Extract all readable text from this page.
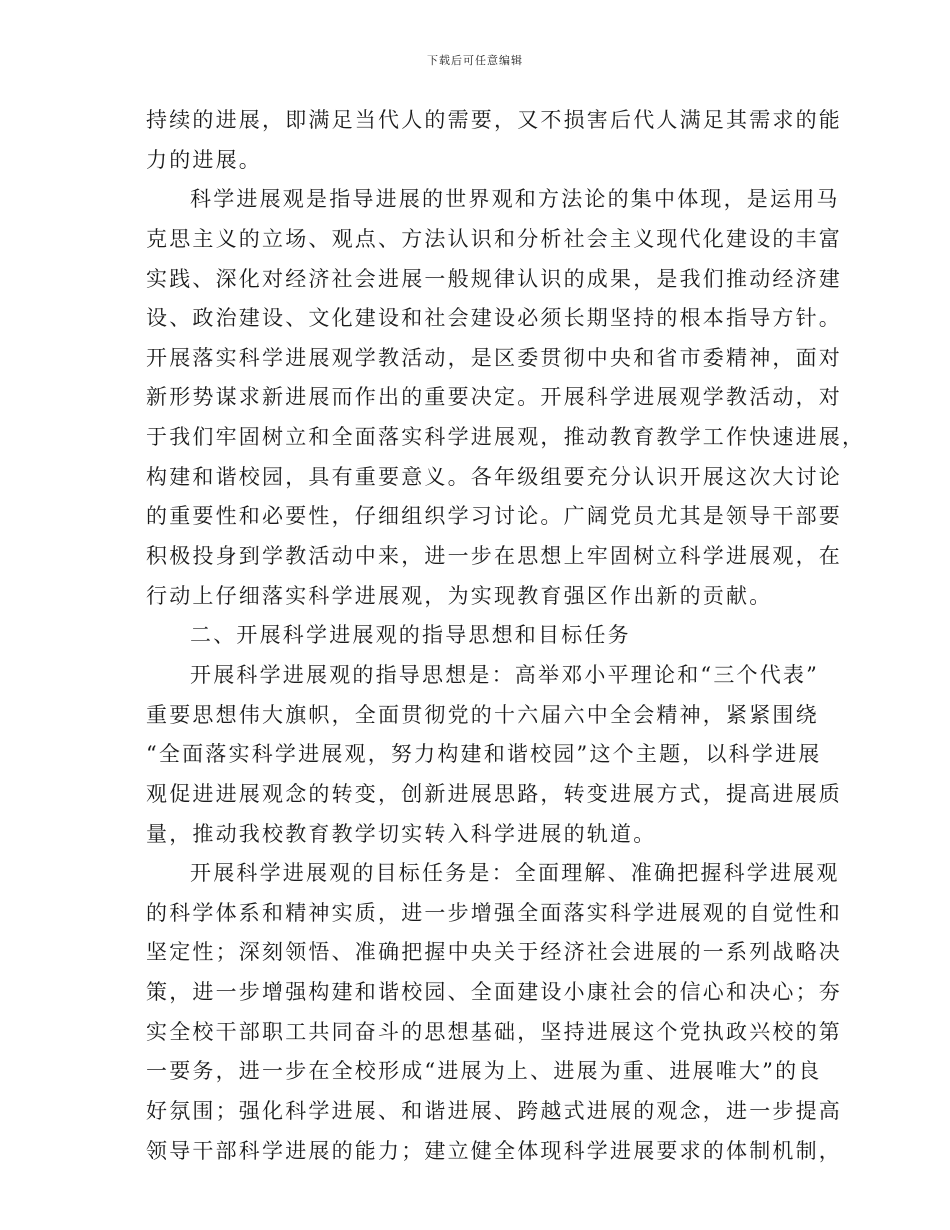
下载后可任意编辑
持续的进展，即满足当代人的需要，又不损害后代人满足其需求的能
力的进展。
科学进展观是指导进展的世界观和方法论的集中体现，是运用马
克思主义的立场、观点、方法认识和分析社会主义现代化建设的丰富
实践、深化对经济社会进展一般规律认识的成果，是我们推动经济建
设、政治建设、文化建设和社会建设必须长期坚持的根本指导方针。
开展落实科学进展观学教活动，是区委贯彻中央和省市委精神，面对
新形势谋求新进展而作出的重要决定。开展科学进展观学教活动，对
于我们牢固树立和全面落实科学进展观，推动教育教学工作快速进展，
构建和谐校园，具有重要意义。各年级组要充分认识开展这次大讨论
的重要性和必要性，仔细组织学习讨论。广阔党员尤其是领导干部要
积极投身到学教活动中来，进一步在思想上牢固树立科学进展观，在
行动上仔细落实科学进展观，为实现教育强区作出新的贡献。
二、开展科学进展观的指导思想和目标任务
开展科学进展观的指导思想是：高举邓小平理论和“三个代表”
重要思想伟大旗帜，全面贯彻党的十六届六中全会精神，紧紧围绕
“全面落实科学进展观，努力构建和谐校园”这个主题，以科学进展
观促进进展观念的转变，创新进展思路，转变进展方式，提高进展质
量，推动我校教育教学切实转入科学进展的轨道。
开展科学进展观的目标任务是：全面理解、准确把握科学进展观
的科学体系和精神实质，进一步增强全面落实科学进展观的自觉性和
坚定性；深刻领悟、准确把握中央关于经济社会进展的一系列战略决
策，进一步增强构建和谐校园、全面建设小康社会的信心和决心；夯
实全校干部职工共同奋斗的思想基础，坚持进展这个党执政兴校的第
一要务，进一步在全校形成“进展为上、进展为重、进展唯大”的良
好氛围；强化科学进展、和谐进展、跨越式进展的观念，进一步提高
领导干部科学进展的能力；建立健全体现科学进展要求的体制机制，
